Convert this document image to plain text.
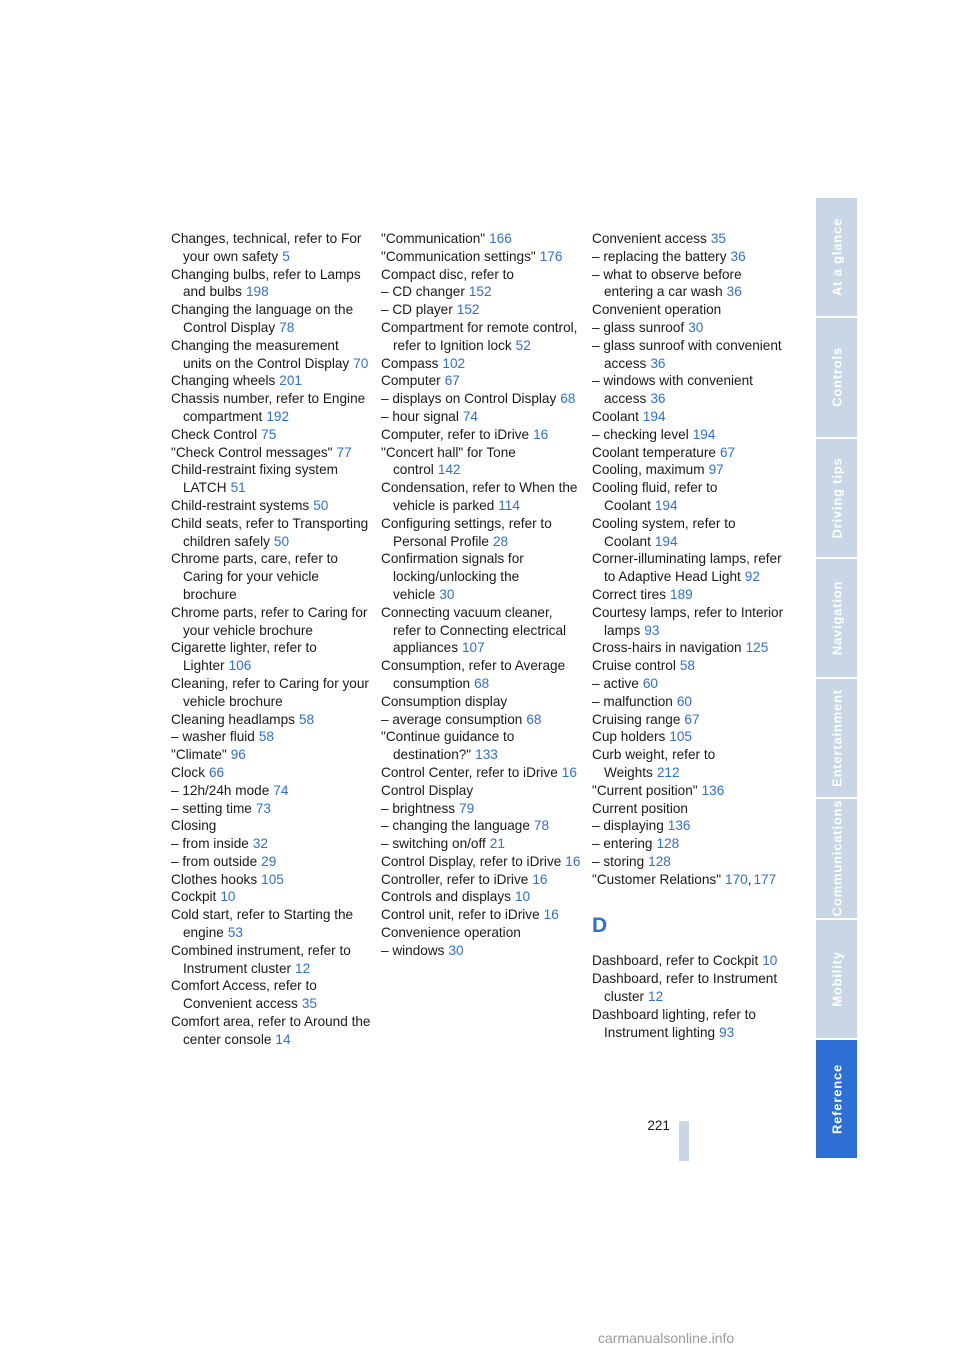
Changes, technical, refer to For your own safety 5
Changing bulbs, refer to Lamps and bulbs 198
Changing the language on the Control Display 78
Changing the measurement units on the Control Display 70
Changing wheels 201
Chassis number, refer to Engine compartment 192
Check Control 75
"Check Control messages" 77
Child-restraint fixing system LATCH 51
Child-restraint systems 50
Child seats, refer to Transporting children safely 50
Chrome parts, care, refer to Caring for your vehicle brochure
Chrome parts, refer to Caring for your vehicle brochure
Cigarette lighter, refer to Lighter 106
Cleaning, refer to Caring for your vehicle brochure
Cleaning headlamps 58
– washer fluid 58
"Climate" 96
Clock 66
– 12h/24h mode 74
– setting time 73
Closing
– from inside 32
– from outside 29
Clothes hooks 105
Cockpit 10
Cold start, refer to Starting the engine 53
Combined instrument, refer to Instrument cluster 12
Comfort Access, refer to Convenient access 35
Comfort area, refer to Around the center console 14
"Communication" 166
"Communication settings" 176
Compact disc, refer to
– CD changer 152
– CD player 152
Compartment for remote control, refer to Ignition lock 52
Compass 102
Computer 67
– displays on Control Display 68
– hour signal 74
Computer, refer to iDrive 16
"Concert hall" for Tone control 142
Condensation, refer to When the vehicle is parked 114
Configuring settings, refer to Personal Profile 28
Confirmation signals for locking/unlocking the vehicle 30
Connecting vacuum cleaner, refer to Connecting electrical appliances 107
Consumption, refer to Average consumption 68
Consumption display
– average consumption 68
"Continue guidance to destination?" 133
Control Center, refer to iDrive 16
Control Display
– brightness 79
– changing the language 78
– switching on/off 21
Control Display, refer to iDrive 16
Controller, refer to iDrive 16
Controls and displays 10
Control unit, refer to iDrive 16
Convenience operation
– windows 30
Convenient access 35
– replacing the battery 36
– what to observe before entering a car wash 36
Convenient operation
– glass sunroof 30
– glass sunroof with convenient access 36
– windows with convenient access 36
Coolant 194
– checking level 194
Coolant temperature 67
Cooling, maximum 97
Cooling fluid, refer to Coolant 194
Cooling system, refer to Coolant 194
Corner-illuminating lamps, refer to Adaptive Head Light 92
Correct tires 189
Courtesy lamps, refer to Interior lamps 93
Cross-hairs in navigation 125
Cruise control 58
– active 60
– malfunction 60
Cruising range 67
Cup holders 105
Curb weight, refer to Weights 212
"Current position" 136
Current position
– displaying 136
– entering 128
– storing 128
"Customer Relations" 170, 177
D
Dashboard, refer to Cockpit 10
Dashboard, refer to Instrument cluster 12
Dashboard lighting, refer to Instrument lighting 93
At a glance
Controls
Driving tips
Navigation
Entertainment
Communications
Mobility
Reference
221
carmanualsonline.info
